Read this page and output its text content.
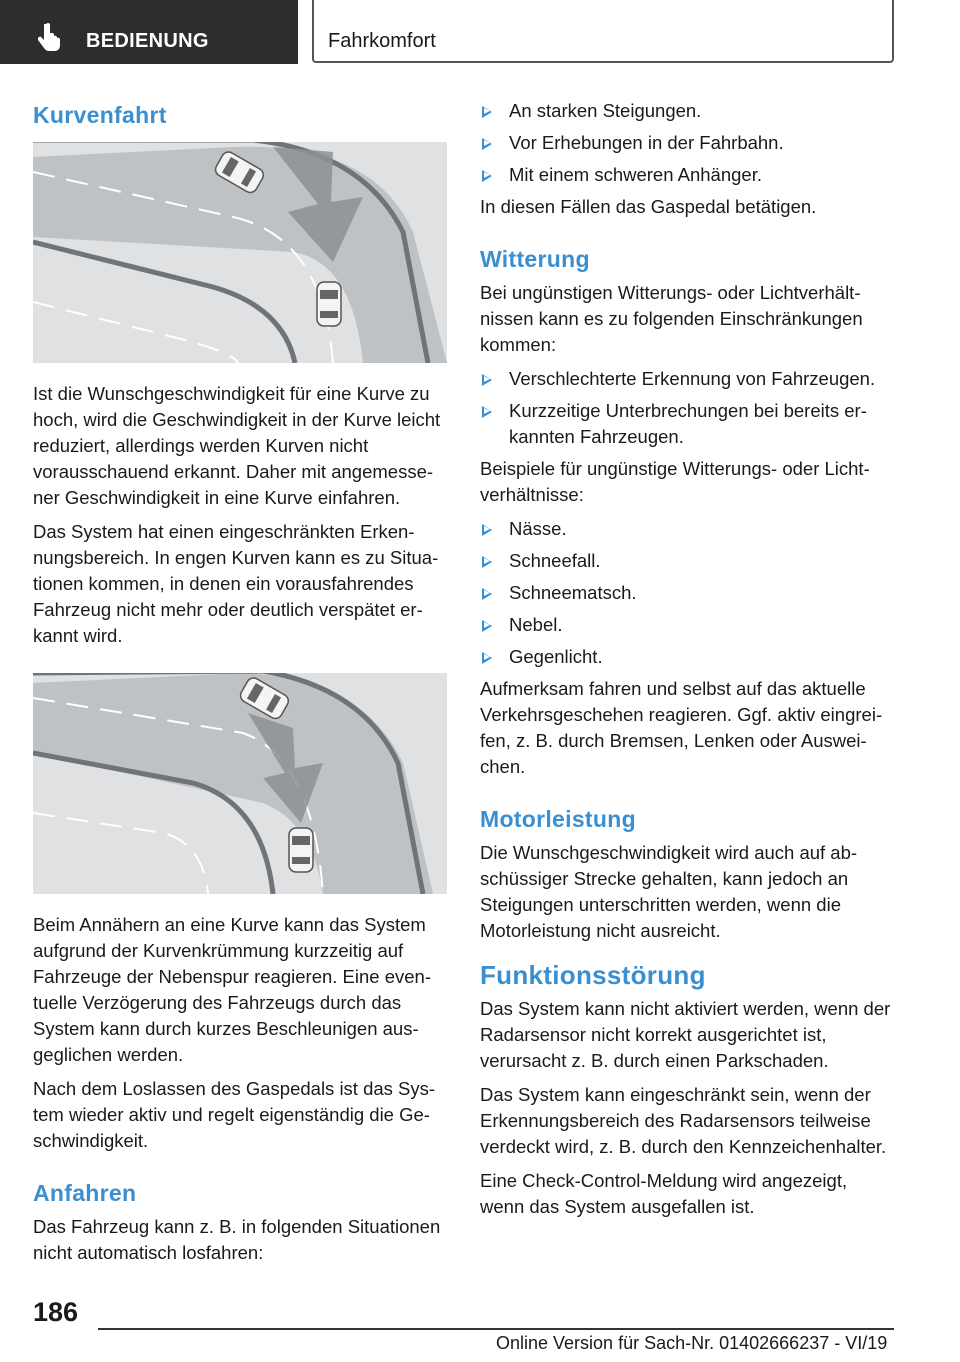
BEDIENUNG	Fahrkomfort
Kurvenfahrt

Ist die Wunschgeschwindigkeit für eine Kurve zu hoch, wird die Geschwindigkeit in der Kurve leicht reduziert, allerdings werden Kurven nicht vorausschauend erkannt. Daher mit angemessener Geschwindigkeit in eine Kurve einfahren.

Das System hat einen eingeschränkten Erkennungsbereich. In engen Kurven kann es zu Situationen kommen, in denen ein vorausfahrendes Fahrzeug nicht mehr oder deutlich verspätet erkannt wird.

Beim Annähern an eine Kurve kann das System aufgrund der Kurvenkrümmung kurzzeitig auf Fahrzeuge der Nebenspur reagieren. Eine eventuelle Verzögerung des Fahrzeugs durch das System kann durch kurzes Beschleunigen ausgeglichen werden.

Nach dem Loslassen des Gaspedals ist das System wieder aktiv und regelt eigenständig die Geschwindigkeit.

Anfahren

Das Fahrzeug kann z. B. in folgenden Situationen nicht automatisch losfahren:

An starken Steigungen.
Vor Erhebungen in der Fahrbahn.
Mit einem schweren Anhänger.

In diesen Fällen das Gaspedal betätigen.

Witterung

Bei ungünstigen Witterungs- oder Lichtverhältnissen kann es zu folgenden Einschränkungen kommen:

Verschlechterte Erkennung von Fahrzeugen.
Kurzzeitige Unterbrechungen bei bereits erkannten Fahrzeugen.

Beispiele für ungünstige Witterungs- oder Lichtverhältnisse:

Nässe.
Schneefall.
Schneematsch.
Nebel.
Gegenlicht.

Aufmerksam fahren und selbst auf das aktuelle Verkehrsgeschehen reagieren. Ggf. aktiv eingreifen, z. B. durch Bremsen, Lenken oder Ausweichen.

Motorleistung

Die Wunschgeschwindigkeit wird auch auf abschüssiger Strecke gehalten, kann jedoch an Steigungen unterschritten werden, wenn die Motorleistung nicht ausreicht.

Funktionsstörung

Das System kann nicht aktiviert werden, wenn der Radarsensor nicht korrekt ausgerichtet ist, verursacht z. B. durch einen Parkschaden.

Das System kann eingeschränkt sein, wenn der Erkennungsbereich des Radarsensors teilweise verdeckt wird, z. B. durch den Kennzeichenhalter.

Eine Check-Control-Meldung wird angezeigt, wenn das System ausgefallen ist.

186
Online Version für Sach-Nr. 01402666237 - VI/19
